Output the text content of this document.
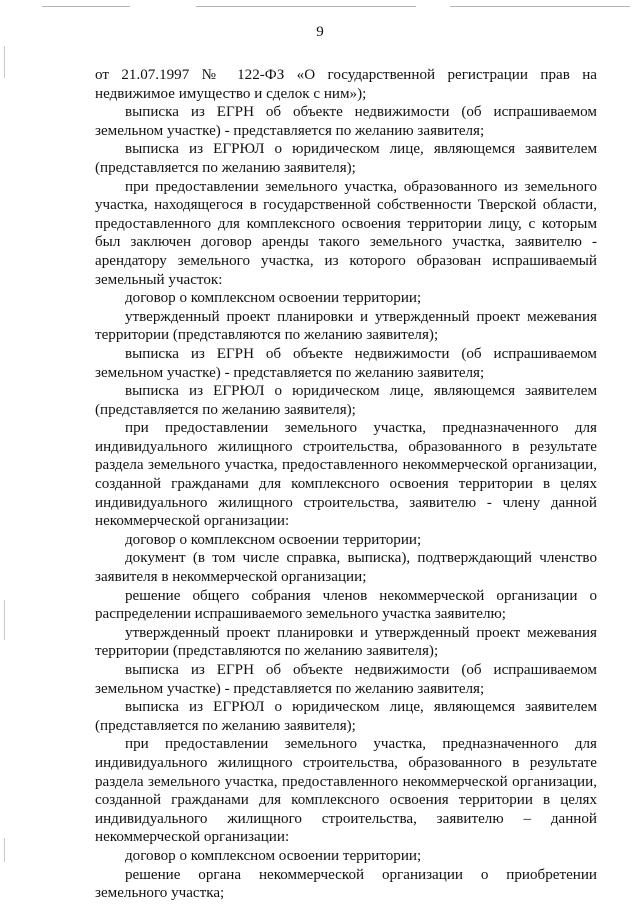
9

от 21.07.1997 № 122-ФЗ «О государственной регистрации прав на недвижимое имущество и сделок с ним»);

выписка из ЕГРН об объекте недвижимости (об испрашиваемом земельном участке) - представляется по желанию заявителя;

выписка из ЕГРЮЛ о юридическом лице, являющемся заявителем (представляется по желанию заявителя);

при предоставлении земельного участка, образованного из земельного участка, находящегося в государственной собственности Тверской области, предоставленного для комплексного освоения территории лицу, с которым был заключен договор аренды такого земельного участка, заявителю - арендатору земельного участка, из которого образован испрашиваемый земельный участок:

договор о комплексном освоении территории;

утвержденный проект планировки и утвержденный проект межевания территории (представляются по желанию заявителя);

выписка из ЕГРН об объекте недвижимости (об испрашиваемом земельном участке) - представляется по желанию заявителя;

выписка из ЕГРЮЛ о юридическом лице, являющемся заявителем (представляется по желанию заявителя);

при предоставлении земельного участка, предназначенного для индивидуального жилищного строительства, образованного в результате раздела земельного участка, предоставленного некоммерческой организации, созданной гражданами для комплексного освоения территории в целях индивидуального жилищного строительства, заявителю - члену данной некоммерческой организации:

договор о комплексном освоении территории;

документ (в том числе справка, выписка), подтверждающий членство заявителя в некоммерческой организации;

решение общего собрания членов некоммерческой организации о распределении испрашиваемого земельного участка заявителю;

утвержденный проект планировки и утвержденный проект межевания территории (представляются по желанию заявителя);

выписка из ЕГРН об объекте недвижимости (об испрашиваемом земельном участке) - представляется по желанию заявителя;

выписка из ЕГРЮЛ о юридическом лице, являющемся заявителем (представляется по желанию заявителя);

при предоставлении земельного участка, предназначенного для индивидуального жилищного строительства, образованного в результате раздела земельного участка, предоставленного некоммерческой организации, созданной гражданами для комплексного освоения территории в целях индивидуального жилищного строительства, заявителю – данной некоммерческой организации:

договор о комплексном освоении территории;

решение органа некоммерческой организации о приобретении земельного участка;
